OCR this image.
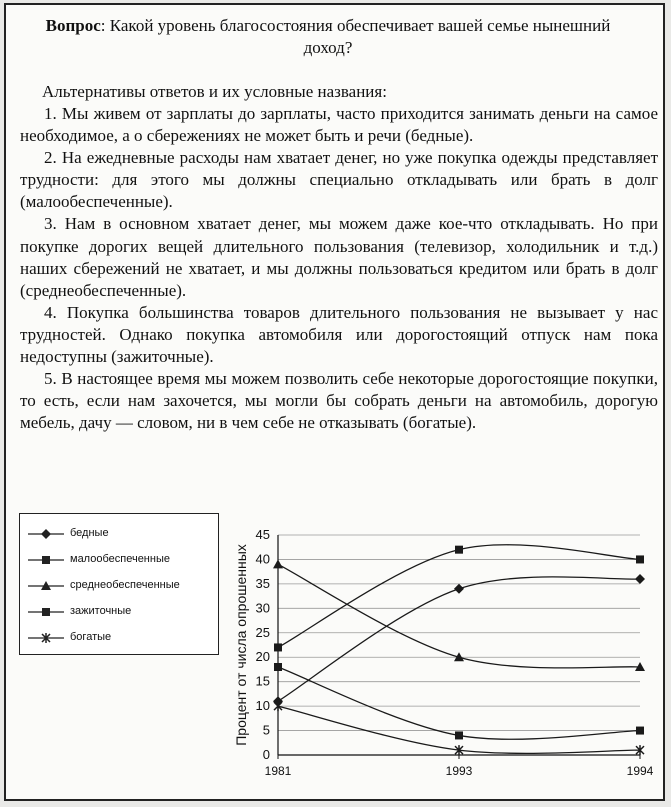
Вопрос: Какой уровень благосостояния обеспечивает вашей семье нынешний доход?
Альтернативы ответов и их условные названия:

1. Мы живем от зарплаты до зарплаты, часто приходится занимать деньги на самое необходимое, а о сбережениях не может быть и речи (бедные).

2. На ежедневные расходы нам хватает денег, но уже покупка одежды представляет трудности: для этого мы должны специально откладывать или брать в долг (малообеспеченные).

3. Нам в основном хватает денег, мы можем даже кое-что откладывать. Но при покупке дорогих вещей длительного пользования (телевизор, холодильник и т.д.) наших сбережений не хватает, и мы должны пользоваться кредитом или брать в долг (среднеобеспеченные).

4. Покупка большинства товаров длительного пользования не вызывает у нас трудностей. Однако покупка автомобиля или дорогостоящий отпуск нам пока недоступны (зажиточные).

5. В настоящее время мы можем позволить себе некоторые дорогостоящие покупки, то есть, если нам захочется, мы могли бы собрать деньги на автомобиль, дорогую мебель, дачу — словом, ни в чем себе не отказывать (богатые).

бедные
малообеспеченные
среднеобеспеченные
зажиточные
богатые
0
5
10
15
20
25
30
35
40
45
1981	1993	1994
Процент от числа опрошенных
